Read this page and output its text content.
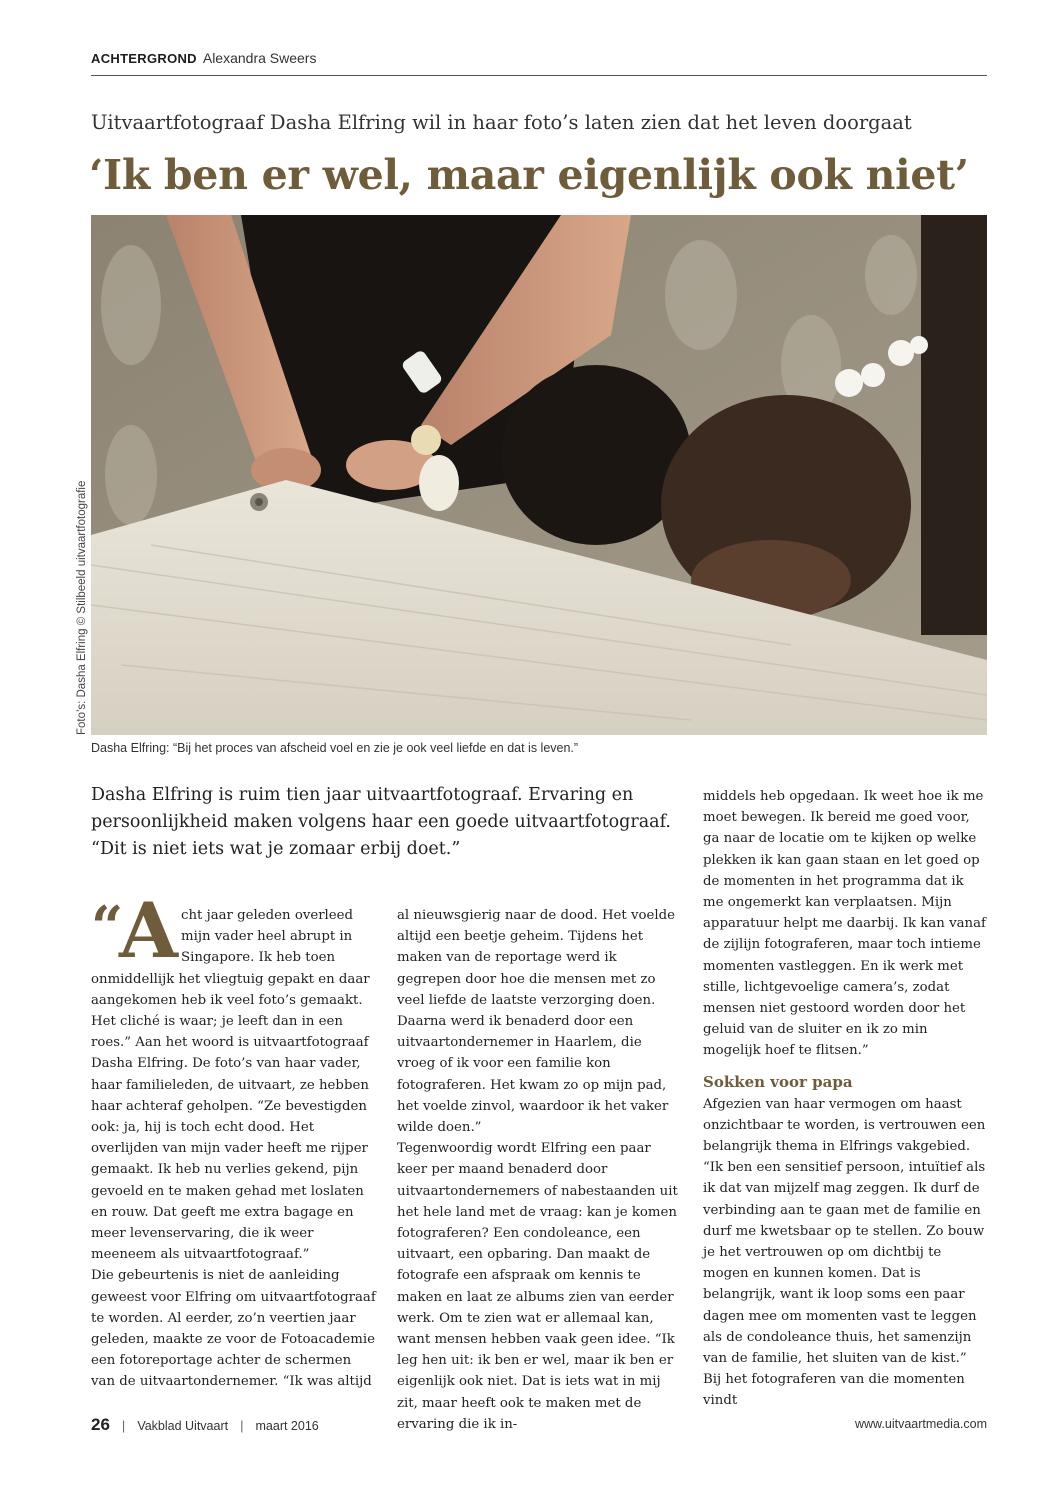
ACHTERGROND Alexandra Sweers
Uitvaartfotograaf Dasha Elfring wil in haar foto’s laten zien dat het leven doorgaat
‘Ik ben er wel, maar eigenlijk ook niet’
Foto’s: Dasha Elfring © Stilbeeld uitvaartfotografie
Dasha Elfring: “Bij het proces van afscheid voel en zie je ook veel liefde en dat is leven.”

Dasha Elfring is ruim tien jaar uitvaartfotograaf. Ervaring en persoonlijkheid maken volgens haar een goede uitvaartfotograaf. “Dit is niet iets wat je zomaar erbij doet.”

“
A cht jaar geleden overleed mijn vader heel abrupt in Singapore. Ik heb toen onmiddellijk het vliegtuig gepakt en daar aangekomen heb ik veel foto’s gemaakt. Het cliché is waar; je leeft dan in een roes.” Aan het woord is uitvaartfotograaf Dasha Elfring. De foto’s van haar vader, haar familieleden, de uitvaart, ze hebben haar achteraf geholpen. “Ze bevestigden ook: ja, hij is toch echt dood. Het overlijden van mijn vader heeft me rijper gemaakt. Ik heb nu verlies gekend, pijn gevoeld en te maken gehad met loslaten en rouw. Dat geeft me extra bagage en meer levenservaring, die ik weer meeneem als uitvaartfotograaf.”

Die gebeurtenis is niet de aanleiding geweest voor Elfring om uitvaartfotograaf te worden. Al eerder, zo’n veertien jaar geleden, maakte ze voor de Fotoacademie een fotoreportage achter de schermen van de uitvaartondernemer. “Ik was altijd

al nieuwsgierig naar de dood. Het voelde altijd een beetje geheim. Tijdens het maken van de reportage werd ik gegrepen door hoe die mensen met zo veel liefde de laatste verzorging doen. Daarna werd ik benaderd door een uitvaartondernemer in Haarlem, die vroeg of ik voor een familie kon fotograferen. Het kwam zo op mijn pad, het voelde zinvol, waardoor ik het vaker wilde doen.”

Tegenwoordig wordt Elfring een paar keer per maand benaderd door uitvaartondernemers of nabestaanden uit het hele land met de vraag: kan je komen fotograferen? Een condoleance, een uitvaart, een opbaring. Dan maakt de fotografe een afspraak om kennis te maken en laat ze albums zien van eerder werk. Om te zien wat er allemaal kan, want mensen hebben vaak geen idee. “Ik leg hen uit: ik ben er wel, maar ik ben er eigenlijk ook niet. Dat is iets wat in mij zit, maar heeft ook te maken met de ervaring die ik in-

middels heb opgedaan. Ik weet hoe ik me moet bewegen. Ik bereid me goed voor, ga naar de locatie om te kijken op welke plekken ik kan gaan staan en let goed op de momenten in het programma dat ik me ongemerkt kan verplaatsen. Mijn apparatuur helpt me daarbij. Ik kan vanaf de zijlijn fotograferen, maar toch intieme momenten vastleggen. En ik werk met stille, lichtgevoelige camera’s, zodat mensen niet gestoord worden door het geluid van de sluiter en ik zo min mogelijk hoef te flitsen.”

Sokken voor papa

Afgezien van haar vermogen om haast onzichtbaar te worden, is vertrouwen een belangrijk thema in Elfrings vakgebied. “Ik ben een sensitief persoon, intuïtief als ik dat van mijzelf mag zeggen. Ik durf de verbinding aan te gaan met de familie en durf me kwetsbaar op te stellen. Zo bouw je het vertrouwen op om dichtbij te mogen en kunnen komen. Dat is belangrijk, want ik loop soms een paar dagen mee om momenten vast te leggen als de condoleance thuis, het samenzijn van de familie, het sluiten van de kist.” Bij het fotograferen van die momenten vindt

26 | Vakblad Uitvaart | maart 2016	www.uitvaartmedia.com
